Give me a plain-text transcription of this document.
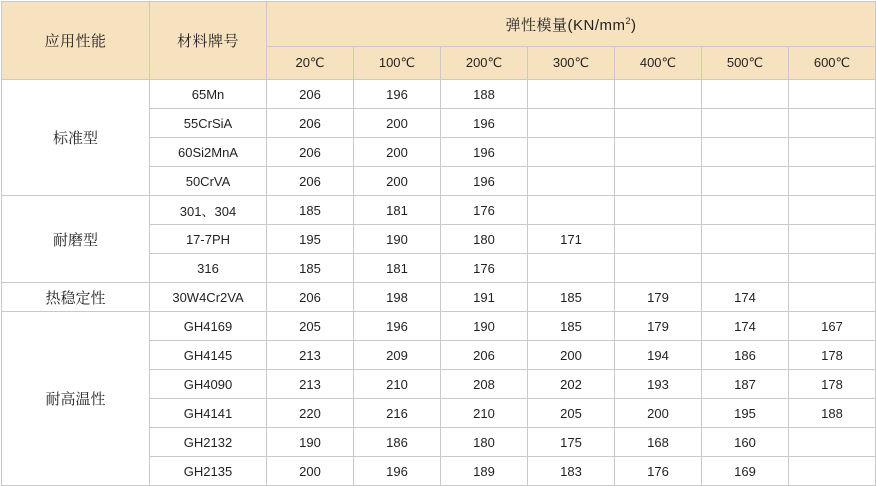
应用性能	材料牌号	弹性模量$(KN/mm^2)$						
		20℃	100℃	200℃	300℃	400℃	500℃	600℃
标准型	65Mn	206	196	188				
	55CrSiA	206	200	196				
	60Si2MnA	206	200	196				
	50CrVA	206	200	196				
耐磨型	301、304	185	181	176				
	17-7PH	195	190	180	171			
	316	185	181	176				
热稳定性	30W4Cr2VA	206	198	191	185	179	174	
耐高温性	GH4169	205	196	190	185	179	174	167
	GH4145	213	209	206	200	194	186	178
	GH4090	213	210	208	202	193	187	178
	GH4141	220	216	210	205	200	195	188
	GH2132	190	186	180	175	168	160	
	GH2135	200	196	189	183	176	169	
